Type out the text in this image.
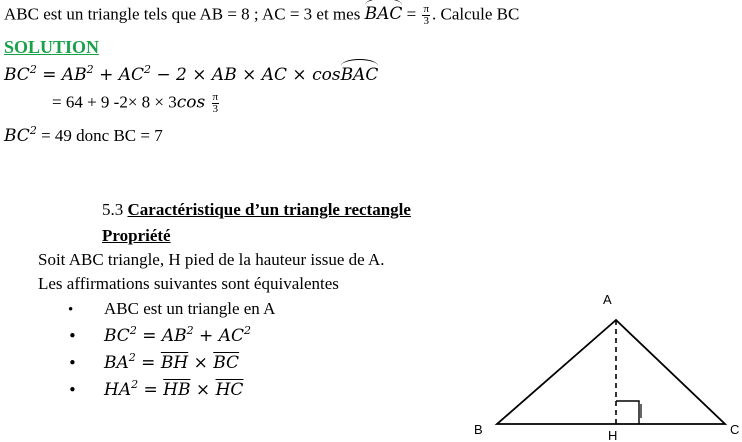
ABC est un triangle tels que AB = 8 ; AC = 3 et mes BAC = $\frac{\pi}{3}$ . Calcule BC
SOLUTION
$BC^2 = AB^2 + AC^2 - 2$ × AB × AC × cosBAC
= 64 + 9 $-2\times 8 \times 3\cos \frac{\pi}{3}$
$BC^2 = 49$ donc BC = 7
5.3 Caractéristique d’un triangle rectangle
Propriété
Soit ABC triangle, H pied de la hauteur issue de A.
Les affirmations suivantes sont équivalentes
• ABC est un triangle en A
• $BC^2 = AB^2 + AC^2$
• $BA^2 = \overline{BH} \times \overline{BC}$
• $HA^2 = \overline{HB} \times \overline{HC}$
A
B	C
H
